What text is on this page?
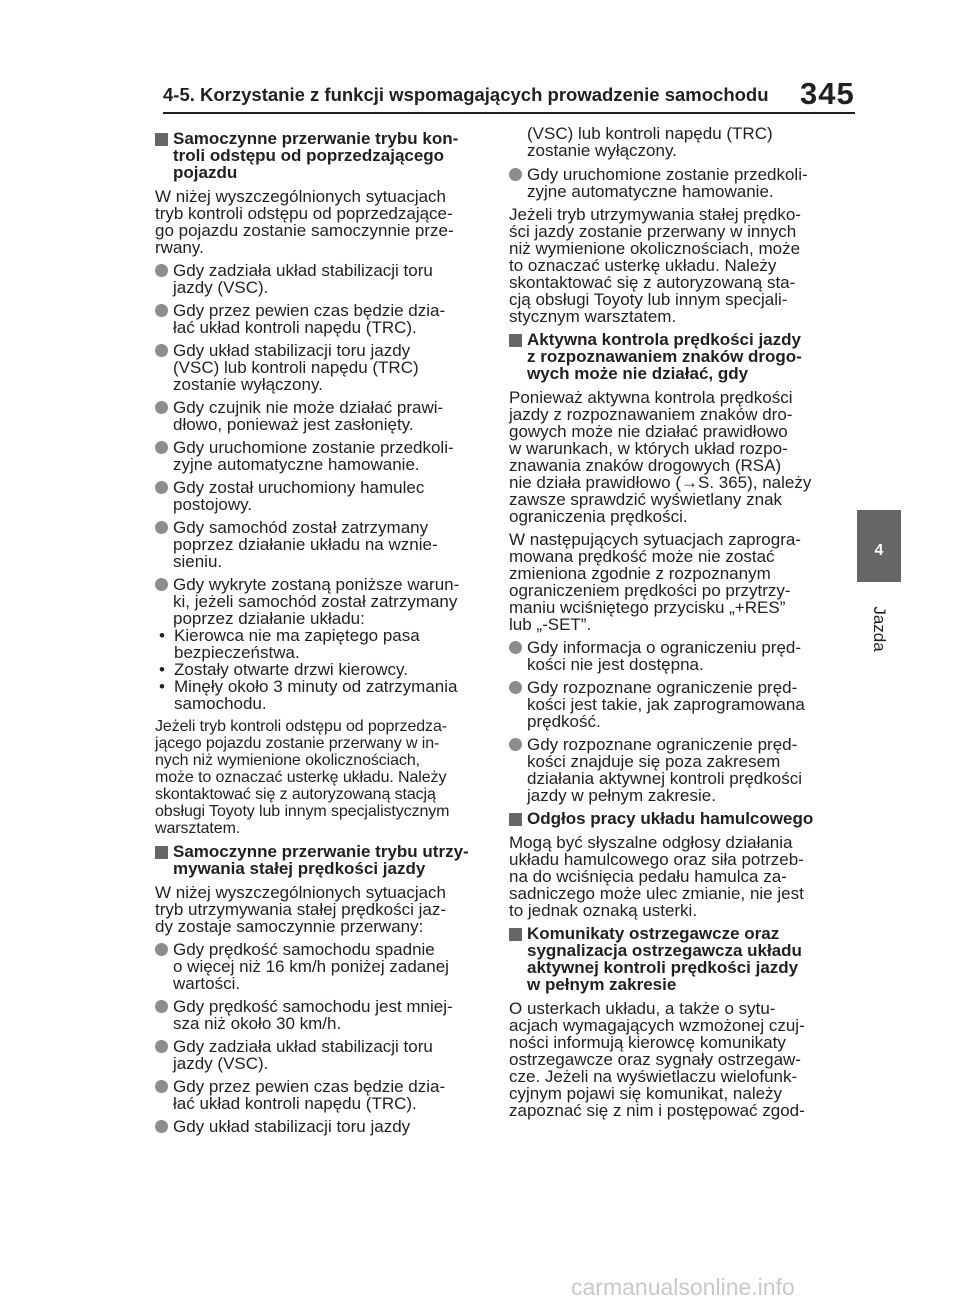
4-5. Korzystanie z funkcji wspomagających prowadzenie samochodu 345
4
Jazda
Samoczynne przerwanie trybu kon-
troli odstępu od poprzedzającego
pojazdu
W niżej wyszczególnionych sytuacjach
tryb kontroli odstępu od poprzedzające-
go pojazdu zostanie samoczynnie prze-
rwany.
Gdy zadziała układ stabilizacji toru
jazdy (VSC).
Gdy przez pewien czas będzie dzia-
łać układ kontroli napędu (TRC).
Gdy układ stabilizacji toru jazdy
(VSC) lub kontroli napędu (TRC)
zostanie wyłączony.
Gdy czujnik nie może działać prawi-
dłowo, ponieważ jest zasłonięty.
Gdy uruchomione zostanie przedkoli-
zyjne automatyczne hamowanie.
Gdy został uruchomiony hamulec
postojowy.
Gdy samochód został zatrzymany
poprzez działanie układu na wznie-
sieniu.
Gdy wykryte zostaną poniższe warun-
ki, jeżeli samochód został zatrzymany
poprzez działanie układu:
• Kierowca nie ma zapiętego pasa
bezpieczeństwa.
• Zostały otwarte drzwi kierowcy.
• Minęły około 3 minuty od zatrzymania
samochodu.
Jeżeli tryb kontroli odstępu od poprzedza-
jącego pojazdu zostanie przerwany w in-
nych niż wymienione okolicznościach,
może to oznaczać usterkę układu. Należy
skontaktować się z autoryzowaną stacją
obsługi Toyoty lub innym specjalistycznym
warsztatem.
Samoczynne przerwanie trybu utrzy-
mywania stałej prędkości jazdy
W niżej wyszczególnionych sytuacjach
tryb utrzymywania stałej prędkości jaz-
dy zostaje samoczynnie przerwany:
Gdy prędkość samochodu spadnie
o więcej niż 16 km/h poniżej zadanej
wartości.
Gdy prędkość samochodu jest mniej-
sza niż około 30 km/h.
Gdy zadziała układ stabilizacji toru
jazdy (VSC).
Gdy przez pewien czas będzie dzia-
łać układ kontroli napędu (TRC).
Gdy układ stabilizacji toru jazdy
(VSC) lub kontroli napędu (TRC)
zostanie wyłączony.
Gdy uruchomione zostanie przedkoli-
zyjne automatyczne hamowanie.
Jeżeli tryb utrzymywania stałej prędko-
ści jazdy zostanie przerwany w innych
niż wymienione okolicznościach, może
to oznaczać usterkę układu. Należy
skontaktować się z autoryzowaną sta-
cją obsługi Toyoty lub innym specjali-
stycznym warsztatem.
Aktywna kontrola prędkości jazdy
z rozpoznawaniem znaków drogo-
wych może nie działać, gdy
Ponieważ aktywna kontrola prędkości
jazdy z rozpoznawaniem znaków dro-
gowych może nie działać prawidłowo
w warunkach, w których układ rozpo-
znawania znaków drogowych (RSA)
nie działa prawidłowo (→S. 365), należy
zawsze sprawdzić wyświetlany znak
ograniczenia prędkości.
W następujących sytuacjach zaprogra-
mowana prędkość może nie zostać
zmieniona zgodnie z rozpoznanym
ograniczeniem prędkości po przytrzy-
maniu wciśniętego przycisku „+RES”
lub „-SET”.
Gdy informacja o ograniczeniu pręd-
kości nie jest dostępna.
Gdy rozpoznane ograniczenie pręd-
kości jest takie, jak zaprogramowana
prędkość.
Gdy rozpoznane ograniczenie pręd-
kości znajduje się poza zakresem
działania aktywnej kontroli prędkości
jazdy w pełnym zakresie.
Odgłos pracy układu hamulcowego
Mogą być słyszalne odgłosy działania
układu hamulcowego oraz siła potrzeb-
na do wciśnięcia pedału hamulca za-
sadniczego może ulec zmianie, nie jest
to jednak oznaką usterki.
Komunikaty ostrzegawcze oraz
sygnalizacja ostrzegawcza układu
aktywnej kontroli prędkości jazdy
w pełnym zakresie
O usterkach układu, a także o sytu-
acjach wymagających wzmożonej czuj-
ności informują kierowcę komunikaty
ostrzegawcze oraz sygnały ostrzegaw-
cze. Jeżeli na wyświetlaczu wielofunk-
cyjnym pojawi się komunikat, należy
zapoznać się z nim i postępować zgod-
carmanualsonline.info
